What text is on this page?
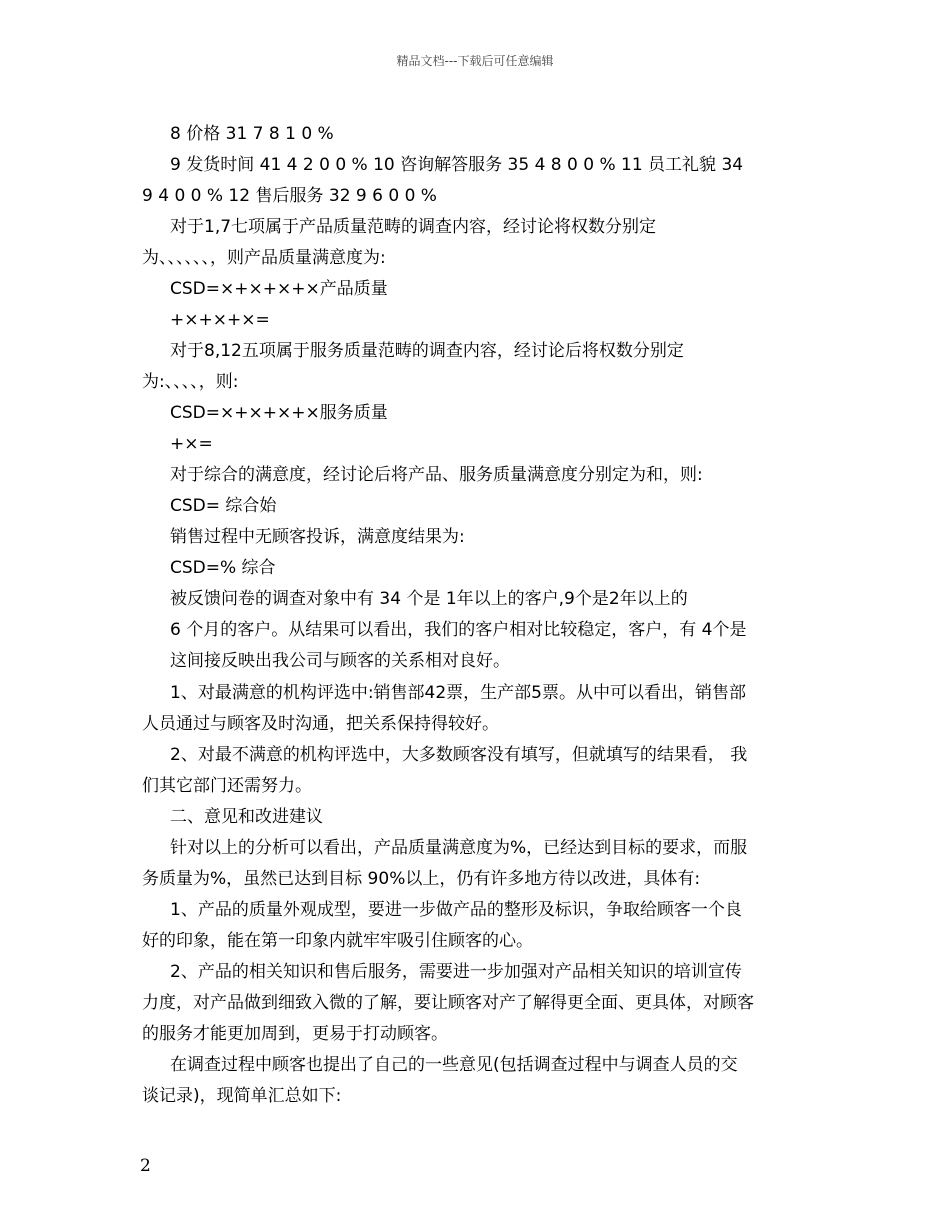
精品文档---下载后可任意编辑
8 价格 31 7 8 1 0 %
9 发货时间 41 4 2 0 0 % 10 咨询解答服务 35 4 8 0 0 % 11 员工礼貌 34
9 4 0 0 % 12 售后服务 32 9 6 0 0 %
对于1,7七项属于产品质量范畴的调查内容，经讨论将权数分别定
为、、、、、、，则产品质量满意度为:
CSD=×+×+×+×产品质量
+×+×+×=
对于8,12五项属于服务质量范畴的调查内容，经讨论后将权数分别定
为:、、、、，则:
CSD=×+×+×+×服务质量
+×=
对于综合的满意度，经讨论后将产品、服务质量满意度分别定为和，则:
CSD= 综合始
销售过程中无顾客投诉，满意度结果为:
CSD=% 综合
被反馈问卷的调查对象中有 34 个是 1年以上的客户,9个是2年以上的
6 个月的客户。从结果可以看出，我们的客户相对比较稳定，客户，有 4个是
这间接反映出我公司与顾客的关系相对良好。
1、对最满意的机构评选中:销售部42票，生产部5票。从中可以看出，销售部
人员通过与顾客及时沟通，把关系保持得较好。
2、对最不满意的机构评选中，大多数顾客没有填写，但就填写的结果看， 我
们其它部门还需努力。
二、意见和改进建议
针对以上的分析可以看出，产品质量满意度为%，已经达到目标的要求，而服
务质量为%，虽然已达到目标 90%以上，仍有许多地方待以改进，具体有:
1、产品的质量外观成型，要进一步做产品的整形及标识，争取给顾客一个良
好的印象，能在第一印象内就牢牢吸引住顾客的心。
2、产品的相关知识和售后服务，需要进一步加强对产品相关知识的培训宣传
力度，对产品做到细致入微的了解，要让顾客对产了解得更全面、更具体，对顾客
的服务才能更加周到，更易于打动顾客。
在调查过程中顾客也提出了自己的一些意见(包括调查过程中与调查人员的交
谈记录)，现简单汇总如下:
2
